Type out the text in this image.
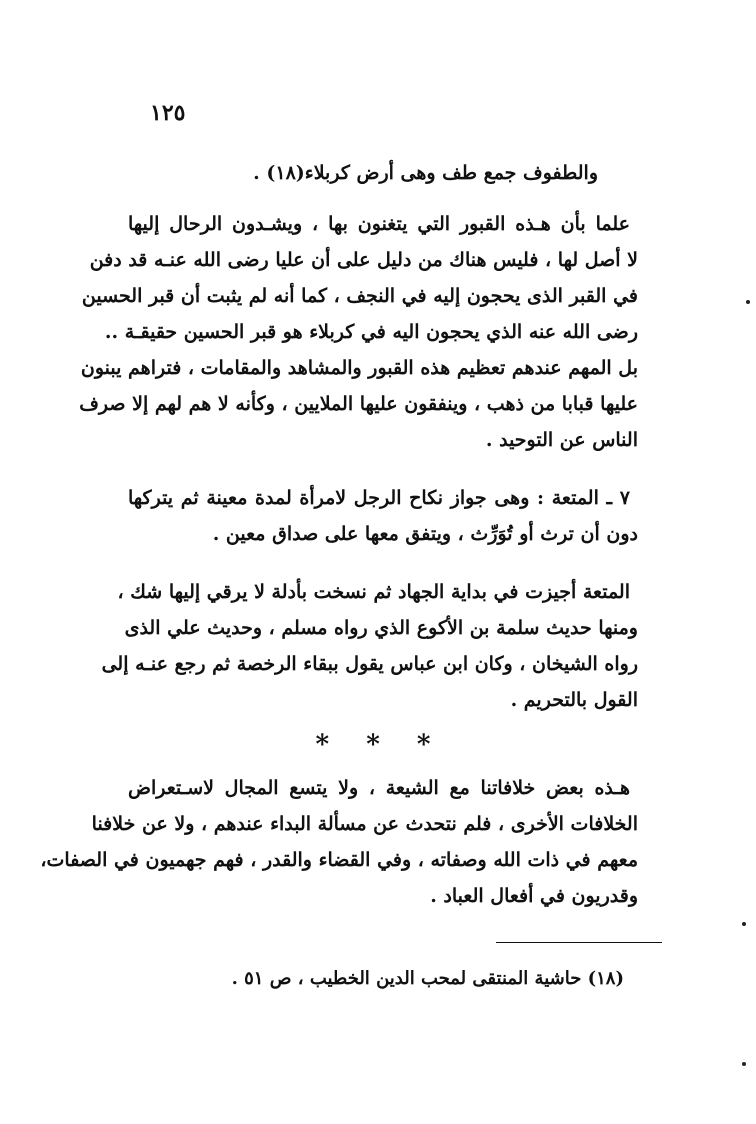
١٢٥
والطفوف جمع طف وهى أرض كربلاء(١٨) .
علما بأن هـذه القبور التي يتغنون بها ، ويشـدون الرحال إليها
لا أصل لها ، فليس هناك من دليل على أن عليا رضى الله عنـه قد دفن
في القبر الذى يحجون إليه في النجف ، كما أنه لم يثبت أن قبر الحسين
رضى الله عنه الذي يحجون اليه في كربلاء هو قبر الحسين حقيقـة ..
بل المهم عندهم تعظيم هذه القبور والمشاهد والمقامات ، فتراهم يبنون
عليها قبابا من ذهب ، وينفقون عليها الملايين ، وكأنه لا هم لهم إلا صرف
الناس عن التوحيد .
٧ ـ المتعة : وهى جواز نكاح الرجل لامرأة لمدة معينة ثم يتركها
دون أن ترث أو تُوَرِّث ، ويتفق معها على صداق معين .
المتعة أجيزت في بداية الجهاد ثم نسخت بأدلة لا يرقي إليها شك ،
ومنها حديث سلمة بن الأكوع الذي رواه مسلم ، وحديث علي الذى
رواه الشيخان ، وكان ابن عباس يقول ببقاء الرخصة ثم رجع عنـه إلى
القول بالتحريم .
* * *
هـذه بعض خلافاتنا مع الشيعة ، ولا يتسع المجال لاسـتعراض
الخلافات الأخرى ، فلم نتحدث عن مسألة البداء عندهم ، ولا عن خلافنا
معهم في ذات الله وصفاته ، وفي القضاء والقدر ، فهم جهميون في الصفات،
وقدريون في أفعال العباد .
(١٨) حاشية المنتقى لمحب الدين الخطيب ، ص ٥١ .
